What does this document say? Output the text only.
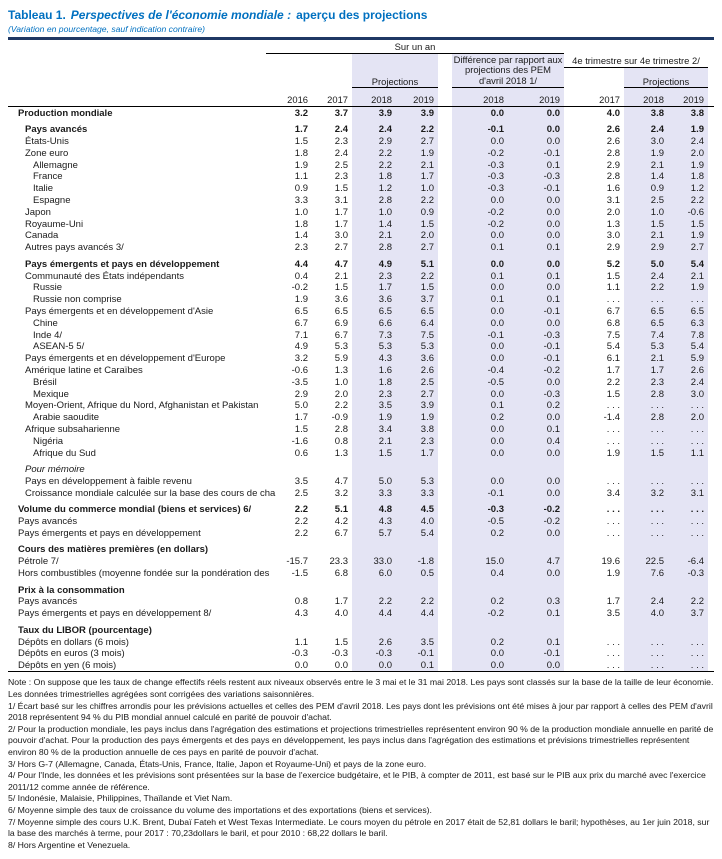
Tableau 1. Perspectives de l'économie mondiale : aperçu des projections
(Variation en pourcentage, sauf indication contraire)
Sur un an
4e trimestre sur 4e trimestre 2/
Projections
Différence par rapport aux
projections des PEM
d'avril 2018 1/	Projections
2016	2017	2018	2019	2018	2019	2017	2018	2019
Production mondiale	3.2	3.7	3.9	3.9	0.0	0.0	4.0	3.8	3.8
Pays avancés	1.7	2.4	2.4	2.2	-0.1	0.0	2.6	2.4	1.9
États-Unis	1.5	2.3	2.9	2.7	0.0	0.0	2.6	3.0	2.4
Zone euro	1.8	2.4	2.2	1.9	-0.2	-0.1	2.8	1.9	2.0
Allemagne	1.9	2.5	2.2	2.1	-0.3	0.1	2.9	2.1	1.9
France	1.1	2.3	1.8	1.7	-0.3	-0.3	2.8	1.4	1.8
Italie	0.9	1.5	1.2	1.0	-0.3	-0.1	1.6	0.9	1.2
Espagne	3.3	3.1	2.8	2.2	0.0	0.0	3.1	2.5	2.2
Japon	1.0	1.7	1.0	0.9	-0.2	0.0	2.0	1.0	-0.6
Royaume-Uni	1.8	1.7	1.4	1.5	-0.2	0.0	1.3	1.5	1.5
Canada	1.4	3.0	2.1	2.0	0.0	0.0	3.0	2.1	1.9
Autres pays avancés 3/	2.3	2.7	2.8	2.7	0.1	0.1	2.9	2.9	2.7
Pays émergents et pays en développement	4.4	4.7	4.9	5.1	0.0	0.0	5.2	5.0	5.4
Communauté des États indépendants	0.4	2.1	2.3	2.2	0.1	0.1	1.5	2.4	2.1
Russie	-0.2	1.5	1.7	1.5	0.0	0.0	1.1	2.2	1.9
Russie non comprise	1.9	3.6	3.6	3.7	0.1	0.1	. . .	. . .	. . .
Pays émergents et en développement d'Asie	6.5	6.5	6.5	6.5	0.0	-0.1	6.7	6.5	6.5
Chine	6.7	6.9	6.6	6.4	0.0	0.0	6.8	6.5	6.3
Inde 4/	7.1	6.7	7.3	7.5	-0.1	-0.3	7.5	7.4	7.8
ASEAN-5 5/	4.9	5.3	5.3	5.3	0.0	-0.1	5.4	5.3	5.4
Pays émergents et en développement d'Europe	3.2	5.9	4.3	3.6	0.0	-0.1	6.1	2.1	5.9
Amérique latine et Caraïbes	-0.6	1.3	1.6	2.6	-0.4	-0.2	1.7	1.7	2.6
Brésil	-3.5	1.0	1.8	2.5	-0.5	0.0	2.2	2.3	2.4
Mexique	2.9	2.0	2.3	2.7	0.0	-0.3	1.5	2.8	3.0
Moyen-Orient, Afrique du Nord, Afghanistan et Pakistan	5.0	2.2	3.5	3.9	0.1	0.2	. . .	. . .	. . .
Arabie saoudite	1.7	-0.9	1.9	1.9	0.2	0.0	-1.4	2.8	2.0
Afrique subsaharienne	1.5	2.8	3.4	3.8	0.0	0.1	. . .	. . .	. . .
Nigéria	-1.6	0.8	2.1	2.3	0.0	0.4	. . .	. . .	. . .
Afrique du Sud	0.6	1.3	1.5	1.7	0.0	0.0	1.9	1.5	1.1
Pour mémoire
Pays en développement à faible revenu	3.5	4.7	5.0	5.3	0.0	0.0	. . .	. . .	. . .
Croissance mondiale calculée sur la base des cours de cha	2.5	3.2	3.3	3.3	-0.1	0.0	3.4	3.2	3.1
Volume du commerce mondial (biens et services) 6/	2.2	5.1	4.8	4.5	-0.3	-0.2	. . .	. . .	. . .
Pays avancés	2.2	4.2	4.3	4.0	-0.5	-0.2	. . .	. . .	. . .
Pays émergents et pays en développement	2.2	6.7	5.7	5.4	0.2	0.0	. . .	. . .	. . .
Cours des matières premières (en dollars)
Pétrole 7/	-15.7	23.3	33.0	-1.8	15.0	4.7	19.6	22.5	-6.4
Hors combustibles (moyenne fondée sur la pondération des	-1.5	6.8	6.0	0.5	0.4	0.0	1.9	7.6	-0.3
Prix à la consommation
Pays avancés	0.8	1.7	2.2	2.2	0.2	0.3	1.7	2.4	2.2
Pays émergents et pays en développement 8/	4.3	4.0	4.4	4.4	-0.2	0.1	3.5	4.0	3.7
Taux du LIBOR (pourcentage)
Dépôts en dollars (6 mois)	1.1	1.5	2.6	3.5	0.2	0.1	. . .	. . .	. . .
Dépôts en euros (3 mois)	-0.3	-0.3	-0.3	-0.1	0.0	-0.1	. . .	. . .	. . .
Dépôts en yen (6 mois)	0.0	0.0	0.0	0.1	0.0	0.0	. . .	. . .	. . .
Note : On suppose que les taux de change effectifs réels restent aux niveaux observés entre le 3 mai et le 31 mai 2018. Les pays sont classés sur la base de la taille de leur économie. Les données trimestrielles agrégées sont corrigées des variations saisonnières.
1/ Écart basé sur les chiffres arrondis pour les prévisions actuelles et celles des PEM d'avril 2018. Les pays dont les prévisions ont été mises à jour par rapport à celles des PEM d'avril 2018 représentent 94 % du PIB mondial annuel calculé en parité de pouvoir d'achat.
2/ Pour la production mondiale, les pays inclus dans l'agrégation des estimations et projections trimestrielles représentent environ 90 % de la production mondiale annuelle en parité de pouvoir d'achat. Pour la production des pays émergents et des pays en développement, les pays inclus dans l'agrégation des estimations et prévisions trimestrielles représentent environ 80 % de la production annuelle de ces pays en parité de pouvoir d'achat.
3/ Hors G-7 (Allemagne, Canada, États-Unis, France, Italie, Japon et Royaume-Uni) et pays de la zone euro.
4/ Pour l'Inde, les données et les prévisions sont présentées sur la base de l'exercice budgétaire, et le PIB, à compter de 2011, est basé sur le PIB aux prix du marché avec l'exercice 2011/12 comme année de référence.
5/ Indonésie, Malaisie, Philippines, Thaïlande et Viet Nam.
6/ Moyenne simple des taux de croissance du volume des importations et des exportations (biens et services).
7/ Moyenne simple des cours U.K. Brent, Dubaï Fateh et West Texas Intermediate. Le cours moyen du pétrole en 2017 était de 52,81 dollars le baril; hypothèses, au 1er juin 2018, sur la base des marchés à terme, pour 2017 : 70,23dollars le baril, et pour 2010 : 68,22 dollars le baril.
8/ Hors Argentine et Venezuela.
